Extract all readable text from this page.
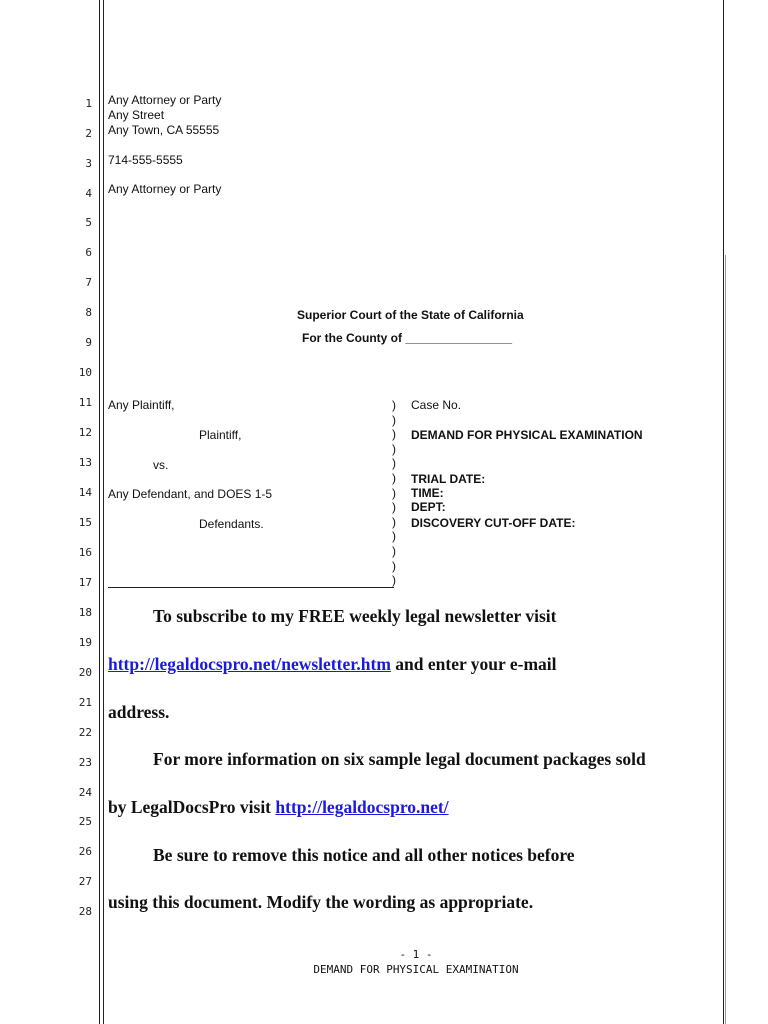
1
2
3
4
5
6
7
8
9
10
11
12
13
14
15
16
17
18
19
20
21
22
23
24
25
26
27
28
Any Attorney or Party
Any Street
Any Town, CA 55555
714-555-5555
Any Attorney or Party
Superior Court of the State of California
For the County of ________________
Any Plaintiff,
Plaintiff,
vs.
Any Defendant, and DOES 1-5
Defendants.
)
)
)
)
)
)
)
)
)
)
)
)
)
Case No.
DEMAND FOR PHYSICAL EXAMINATION
TRIAL DATE:
TIME:
DEPT:
DISCOVERY CUT-OFF DATE:
To subscribe to my FREE weekly legal newsletter visit
http://legaldocspro.net/newsletter.htm and enter your e-mail
address.
For more information on six sample legal document packages sold
by LegalDocsPro visit http://legaldocspro.net/
Be sure to remove this notice and all other notices before
using this document. Modify the wording as appropriate.
- 1 -
DEMAND FOR PHYSICAL EXAMINATION
